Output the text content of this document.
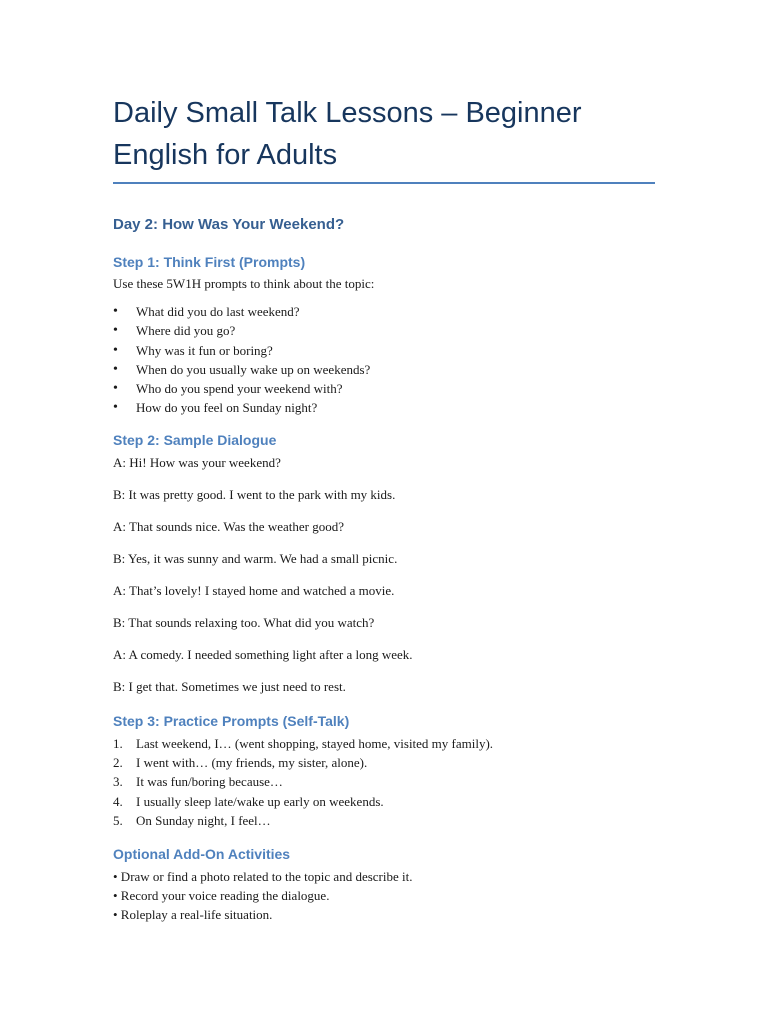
Daily Small Talk Lessons – Beginner English for Adults
Day 2: How Was Your Weekend?
Step 1: Think First (Prompts)

Use these 5W1H prompts to think about the topic:

• What did you do last weekend?
• Where did you go?
• Why was it fun or boring?
• When do you usually wake up on weekends?
• Who do you spend your weekend with?
• How do you feel on Sunday night?
Step 2: Sample Dialogue
A: Hi! How was your weekend?
B: It was pretty good. I went to the park with my kids.
A: That sounds nice. Was the weather good?
B: Yes, it was sunny and warm. We had a small picnic.
A: That’s lovely! I stayed home and watched a movie.
B: That sounds relaxing too. What did you watch?
A: A comedy. I needed something light after a long week.
B: I get that. Sometimes we just need to rest.
Step 3: Practice Prompts (Self-Talk)
1. Last weekend, I… (went shopping, stayed home, visited my family).
2. I went with… (my friends, my sister, alone).
3. It was fun/boring because…
4. I usually sleep late/wake up early on weekends.
5. On Sunday night, I feel…
Optional Add-On Activities
• Draw or find a photo related to the topic and describe it.
• Record your voice reading the dialogue.
• Roleplay a real-life situation.
